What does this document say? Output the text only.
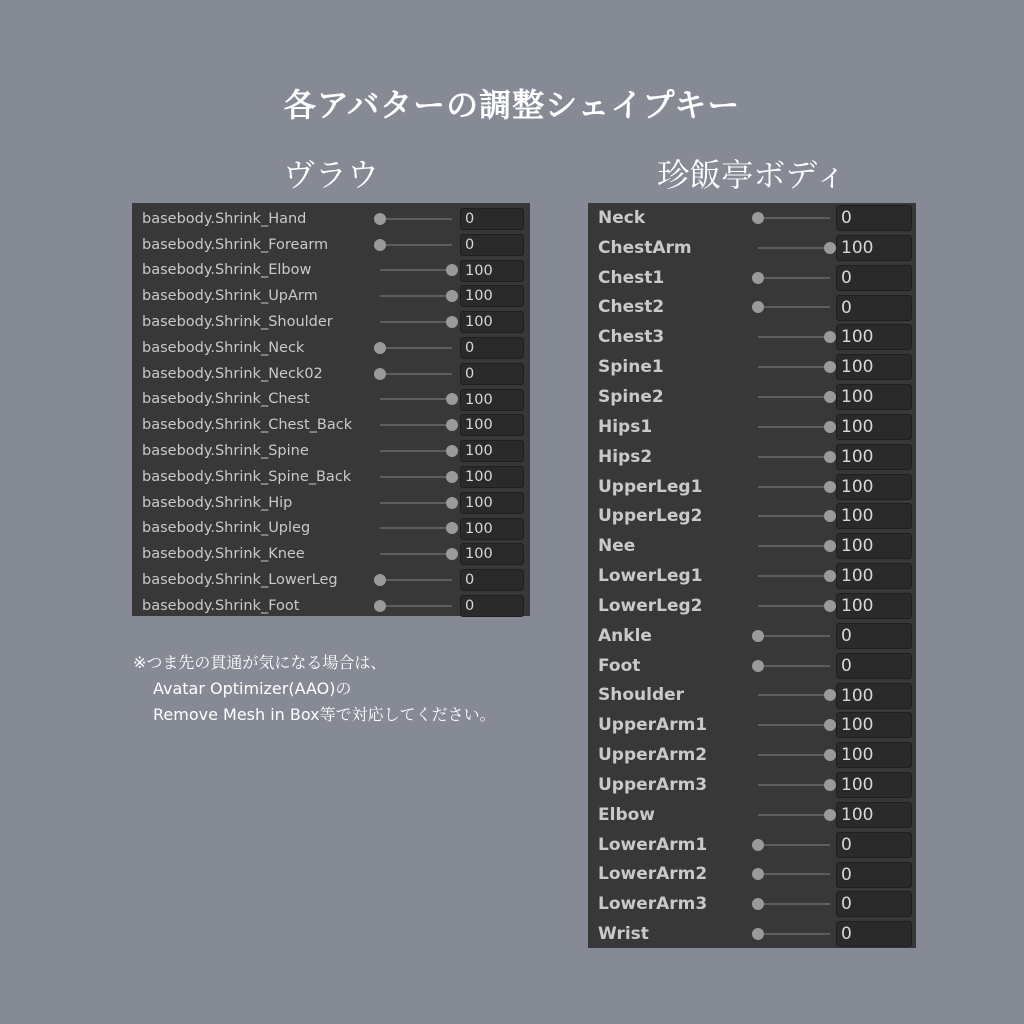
各アバターの調整シェイプキー
ヴラウ	珍飯亭ボディ
basebody.Shrink_Hand	0
basebody.Shrink_Forearm	0
basebody.Shrink_Elbow	100
basebody.Shrink_UpArm	100
basebody.Shrink_Shoulder	100
basebody.Shrink_Neck	0
basebody.Shrink_Neck02	0
basebody.Shrink_Chest	100
basebody.Shrink_Chest_Back	100
basebody.Shrink_Spine	100
basebody.Shrink_Spine_Back	100
basebody.Shrink_Hip	100
basebody.Shrink_Upleg	100
basebody.Shrink_Knee	100
basebody.Shrink_LowerLeg	0
basebody.Shrink_Foot	0
Neck	0
ChestArm	100
Chest1	0
Chest2	0
Chest3	100
Spine1	100
Spine2	100
Hips1	100
Hips2	100
UpperLeg1	100
UpperLeg2	100
Nee	100
LowerLeg1	100
LowerLeg2	100
Ankle	0
Foot	0
Shoulder	100
UpperArm1	100
UpperArm2	100
UpperArm3	100
Elbow	100
LowerArm1	0
LowerArm2	0
LowerArm3	0
Wrist	0
※つま先の貫通が気になる場合は、
Avatar Optimizer(AAO)の
Remove Mesh in Box等で対応してください。
